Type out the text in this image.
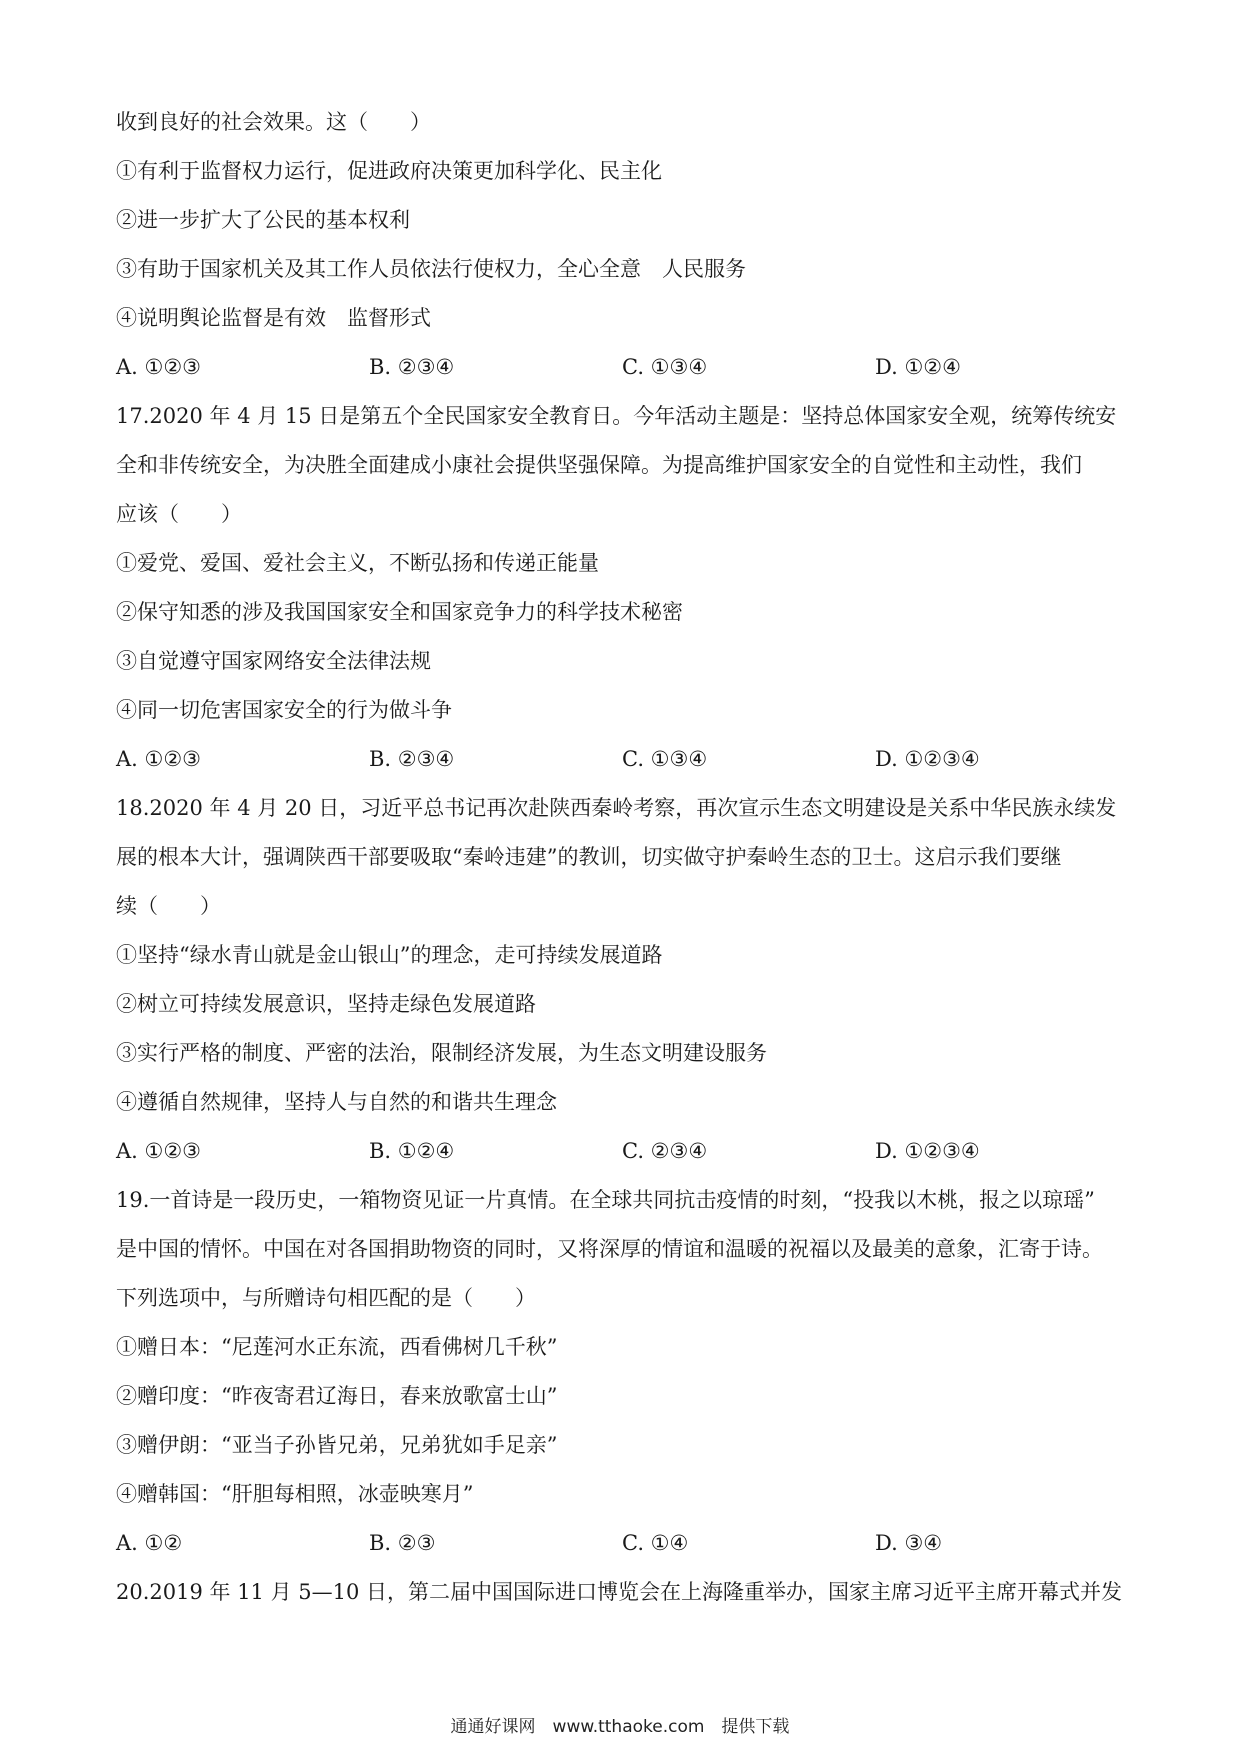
收到良好的社会效果。这（　　）
①有利于监督权力运行，促进政府决策更加科学化、民主化
②进一步扩大了公民的基本权利
③有助于国家机关及其工作人员依法行使权力，全心全意　人民服务
④说明舆论监督是有效　监督形式
A. ①②③	B. ②③④	C. ①③④	D. ①②④
17.2020 年 4 月 15 日是第五个全民国家安全教育日。今年活动主题是：坚持总体国家安全观，统筹传统安
全和非传统安全，为决胜全面建成小康社会提供坚强保障。为提高维护国家安全的自觉性和主动性，我们
应该（　　）
①爱党、爱国、爱社会主义，不断弘扬和传递正能量
②保守知悉的涉及我国国家安全和国家竞争力的科学技术秘密
③自觉遵守国家网络安全法律法规
④同一切危害国家安全的行为做斗争
A. ①②③	B. ②③④	C. ①③④	D. ①②③④
18.2020 年 4 月 20 日，习近平总书记再次赴陕西秦岭考察，再次宣示生态文明建设是关系中华民族永续发
展的根本大计，强调陕西干部要吸取“秦岭违建”的教训，切实做守护秦岭生态的卫士。这启示我们要继
续（　　）
①坚持“绿水青山就是金山银山”的理念，走可持续发展道路
②树立可持续发展意识，坚持走绿色发展道路
③实行严格的制度、严密的法治，限制经济发展，为生态文明建设服务
④遵循自然规律，坚持人与自然的和谐共生理念
A. ①②③	B. ①②④	C. ②③④	D. ①②③④
19.一首诗是一段历史，一箱物资见证一片真情。在全球共同抗击疫情的时刻，“投我以木桃，报之以琼瑶”
是中国的情怀。中国在对各国捐助物资的同时，又将深厚的情谊和温暖的祝福以及最美的意象，汇寄于诗。
下列选项中，与所赠诗句相匹配的是（　　）
①赠日本：“尼莲河水正东流，西看佛树几千秋”
②赠印度：“昨夜寄君辽海日，春来放歌富士山”
③赠伊朗：“亚当子孙皆兄弟，兄弟犹如手足亲”
④赠韩国：“肝胆每相照，冰壶映寒月”
A. ①②	B. ②③	C. ①④	D. ③④
20.2019 年 11 月 5—10 日，第二届中国国际进口博览会在上海隆重举办，国家主席习近平主席开幕式并发
通通好课网　www.tthaoke.com　提供下载
